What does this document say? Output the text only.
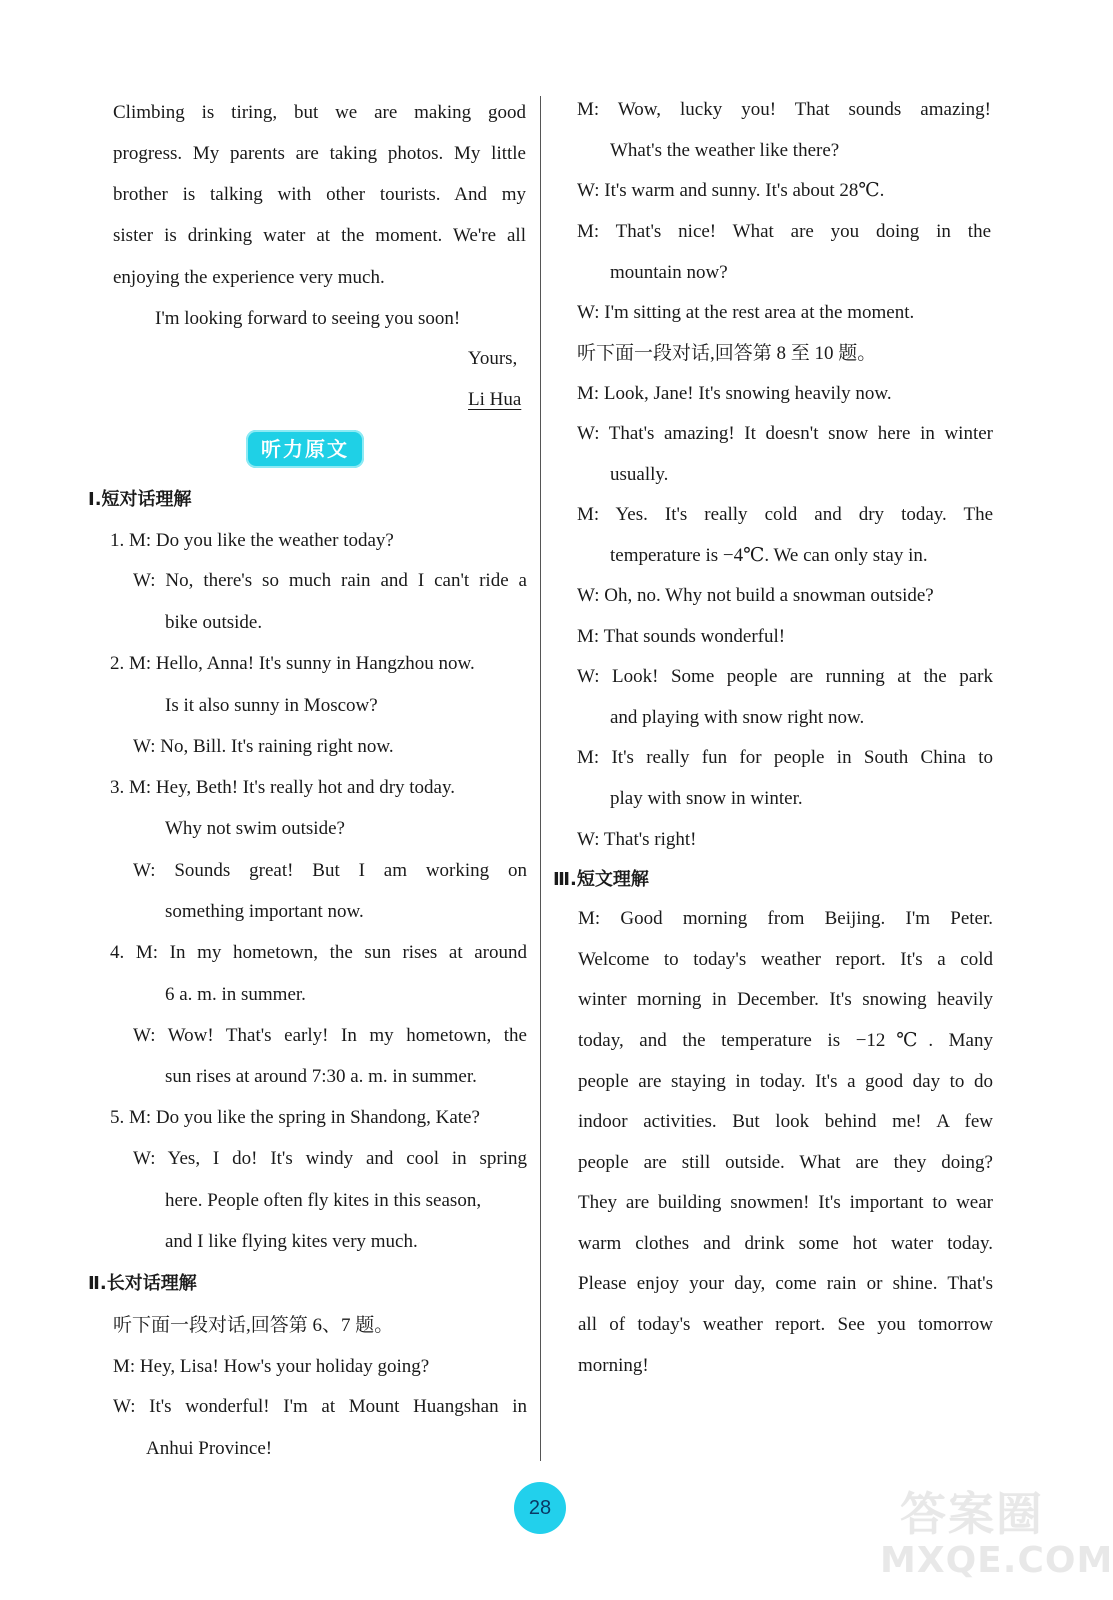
Climbing is tiring, but we are making good
progress. My parents are taking photos. My little
brother is talking with other tourists. And my
sister is drinking water at the moment. We're all
enjoying the experience very much.
I'm looking forward to seeing you soon!
Yours,
Li Hua
听力原文
Ⅰ.短对话理解
1. M: Do you like the weather today?
W: No, there's so much rain and I can't ride a
bike outside.
2. M: Hello, Anna! It's sunny in Hangzhou now.
Is it also sunny in Moscow?
W: No, Bill. It's raining right now.
3. M: Hey, Beth! It's really hot and dry today.
Why not swim outside?
W: Sounds great! But I am working on
something important now.
4. M: In my hometown, the sun rises at around
6 a. m. in summer.
W: Wow! That's early! In my hometown, the
sun rises at around 7:30 a. m. in summer.
5. M: Do you like the spring in Shandong, Kate?
W: Yes, I do! It's windy and cool in spring
here. People often fly kites in this season,
and I like flying kites very much.
Ⅱ.长对话理解
听下面一段对话,回答第 6、7 题。
M: Hey, Lisa! How's your holiday going?
W: It's wonderful! I'm at Mount Huangshan in
Anhui Province!
M: Wow, lucky you! That sounds amazing!
What's the weather like there?
W: It's warm and sunny. It's about 28℃.
M: That's nice! What are you doing in the
mountain now?
W: I'm sitting at the rest area at the moment.
听下面一段对话,回答第 8 至 10 题。
M: Look, Jane! It's snowing heavily now.
W: That's amazing! It doesn't snow here in winter
usually.
M: Yes. It's really cold and dry today. The
temperature is −4℃. We can only stay in.
W: Oh, no. Why not build a snowman outside?
M: That sounds wonderful!
W: Look! Some people are running at the park
and playing with snow right now.
M: It's really fun for people in South China to
play with snow in winter.
W: That's right!
Ⅲ.短文理解
M: Good morning from Beijing. I'm Peter.
Welcome to today's weather report. It's a cold
winter morning in December. It's snowing heavily
today, and the temperature is −12℃. Many
people are staying in today. It's a good day to do
indoor activities. But look behind me! A few
people are still outside. What are they doing?
They are building snowmen! It's important to wear
warm clothes and drink some hot water today.
Please enjoy your day, come rain or shine. That's
all of today's weather report. See you tomorrow
morning!
28	答案圈
MXQE.COM
